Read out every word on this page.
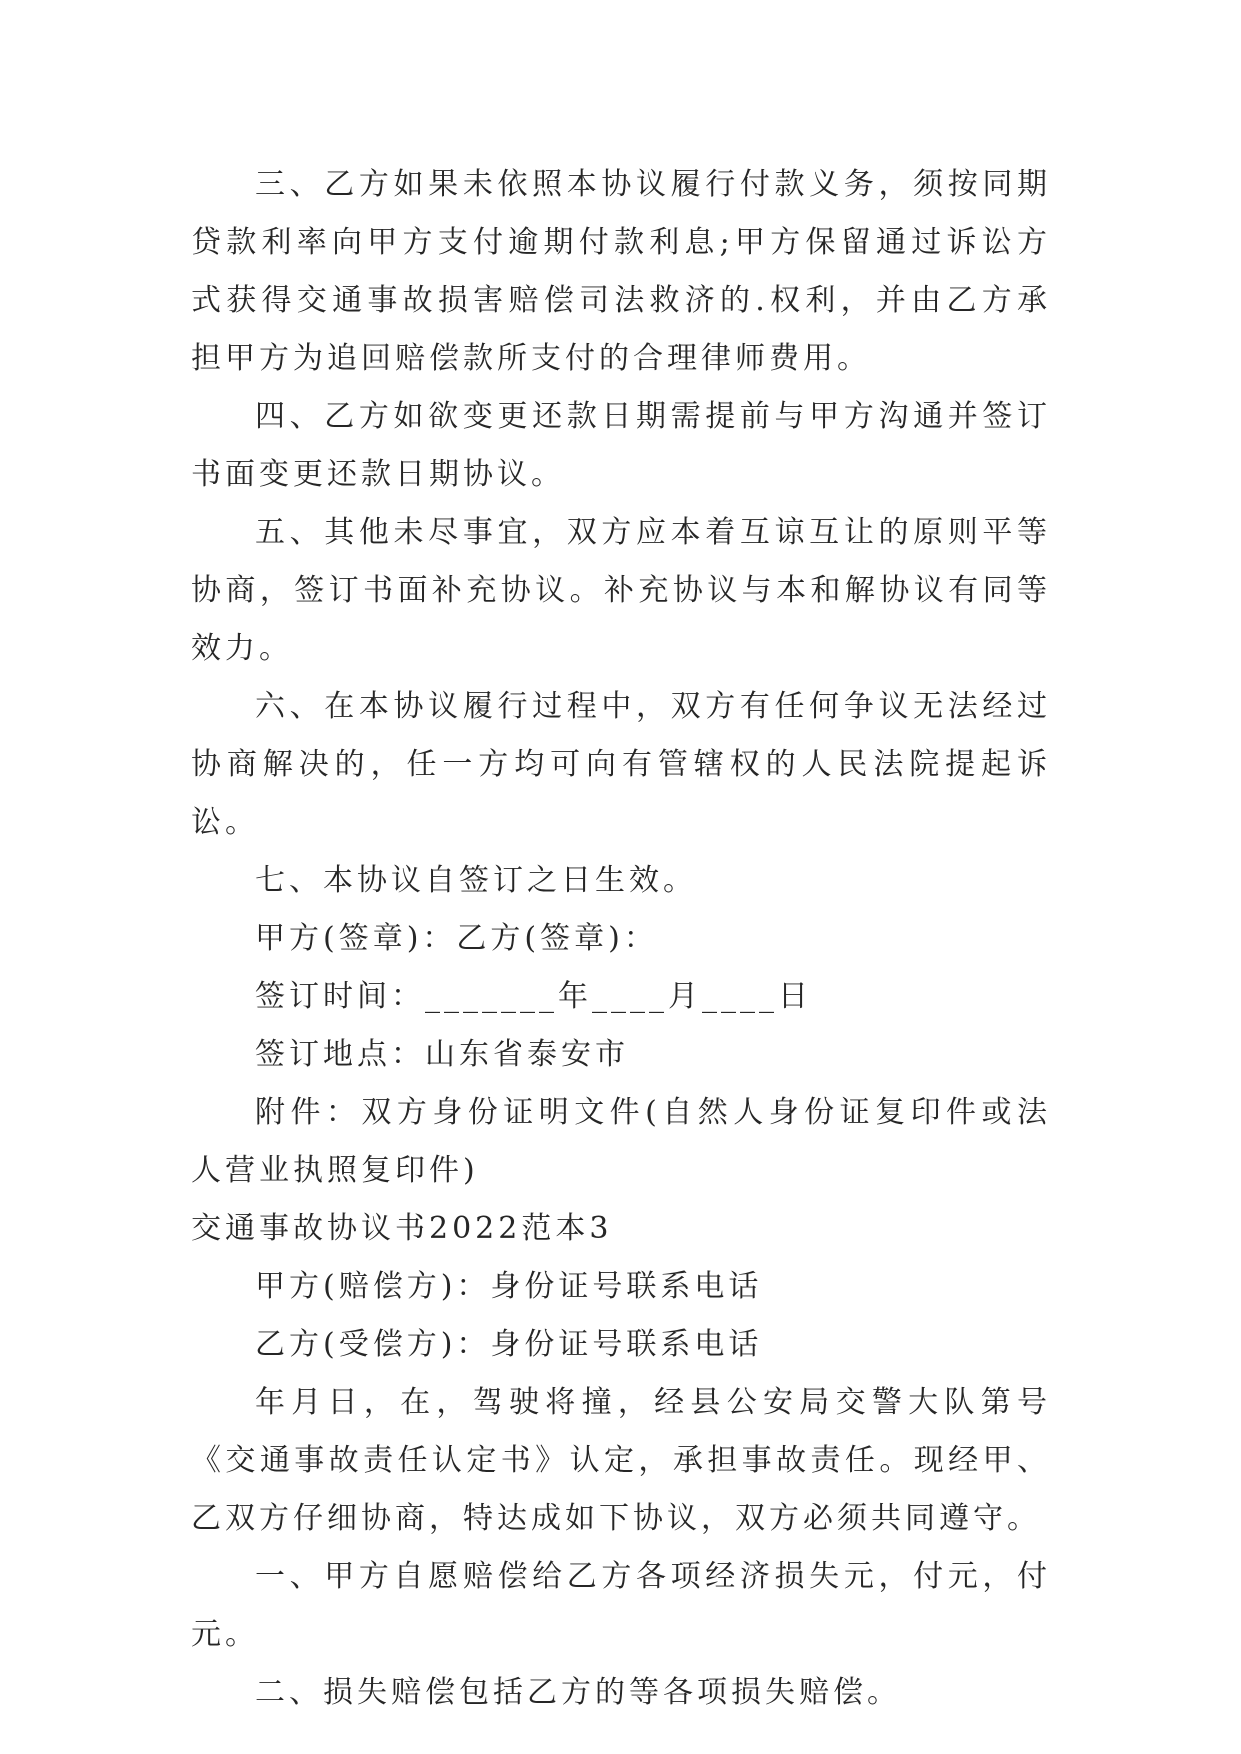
三、乙方如果未依照本协议履行付款义务，须按同期贷款利率向甲方支付逾期付款利息;甲方保留通过诉讼方式获得交通事故损害赔偿司法救济的.权利，并由乙方承担甲方为追回赔偿款所支付的合理律师费用。

四、乙方如欲变更还款日期需提前与甲方沟通并签订书面变更还款日期协议。

五、其他未尽事宜，双方应本着互谅互让的原则平等协商，签订书面补充协议。补充协议与本和解协议有同等效力。

六、在本协议履行过程中，双方有任何争议无法经过协商解决的，任一方均可向有管辖权的人民法院提起诉讼。

七、本协议自签订之日生效。

甲方(签章)：乙方(签章)：

签订时间：_______年____月____日

签订地点：山东省泰安市

附件：双方身份证明文件(自然人身份证复印件或法人营业执照复印件)

交通事故协议书2022范本3

甲方(赔偿方)：身份证号联系电话

乙方(受偿方)：身份证号联系电话

年月日，在，驾驶将撞，经县公安局交警大队第号《交通事故责任认定书》认定，承担事故责任。现经甲、乙双方仔细协商，特达成如下协议，双方必须共同遵守。

一、甲方自愿赔偿给乙方各项经济损失元，付元，付元。

二、损失赔偿包括乙方的等各项损失赔偿。
